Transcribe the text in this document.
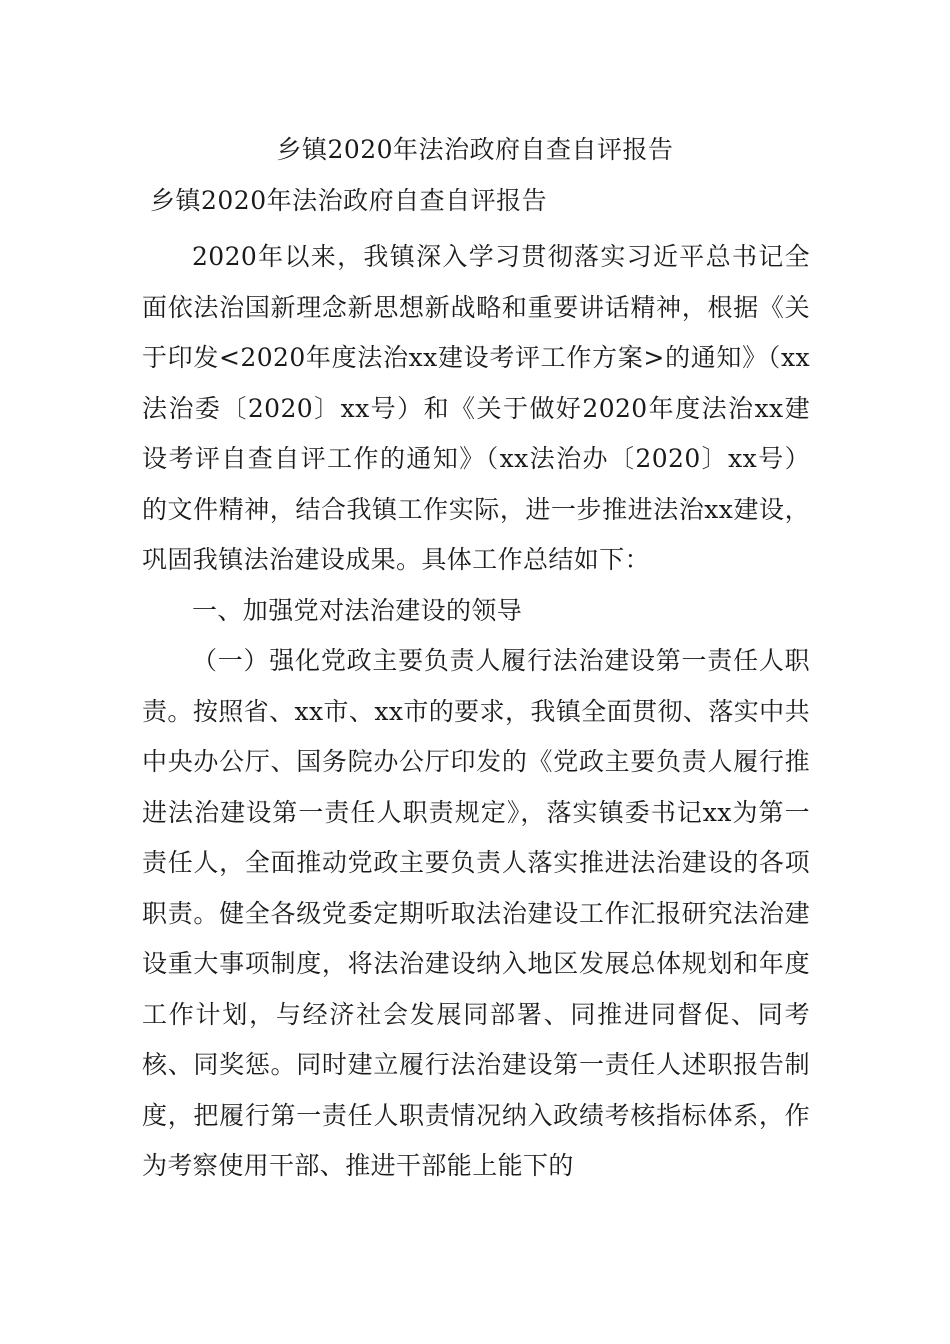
乡镇2020年法治政府自查自评报告
乡镇2020年法治政府自查自评报告

2020年以来，我镇深入学习贯彻落实习近平总书记全面依法治国新理念新思想新战略和重要讲话精神，根据《关于印发<2020年度法治xx建设考评工作方案>的通知》（xx法治委〔2020〕xx号）和《关于做好2020年度法治xx建设考评自查自评工作的通知》（xx法治办〔2020〕xx号）的文件精神，结合我镇工作实际，进一步推进法治xx建设，巩固我镇法治建设成果。具体工作总结如下：

一、加强党对法治建设的领导

（一）强化党政主要负责人履行法治建设第一责任人职责。按照省、xx市、xx市的要求，我镇全面贯彻、落实中共中央办公厅、国务院办公厅印发的《党政主要负责人履行推进法治建设第一责任人职责规定》，落实镇委书记xx为第一责任人，全面推动党政主要负责人落实推进法治建设的各项职责。健全各级党委定期听取法治建设工作汇报研究法治建设重大事项制度，将法治建设纳入地区发展总体规划和年度工作计划，与经济社会发展同部署、同推进同督促、同考核、同奖惩。同时建立履行法治建设第一责任人述职报告制度，把履行第一责任人职责情况纳入政绩考核指标体系，作为考察使用干部、推进干部能上能下的
